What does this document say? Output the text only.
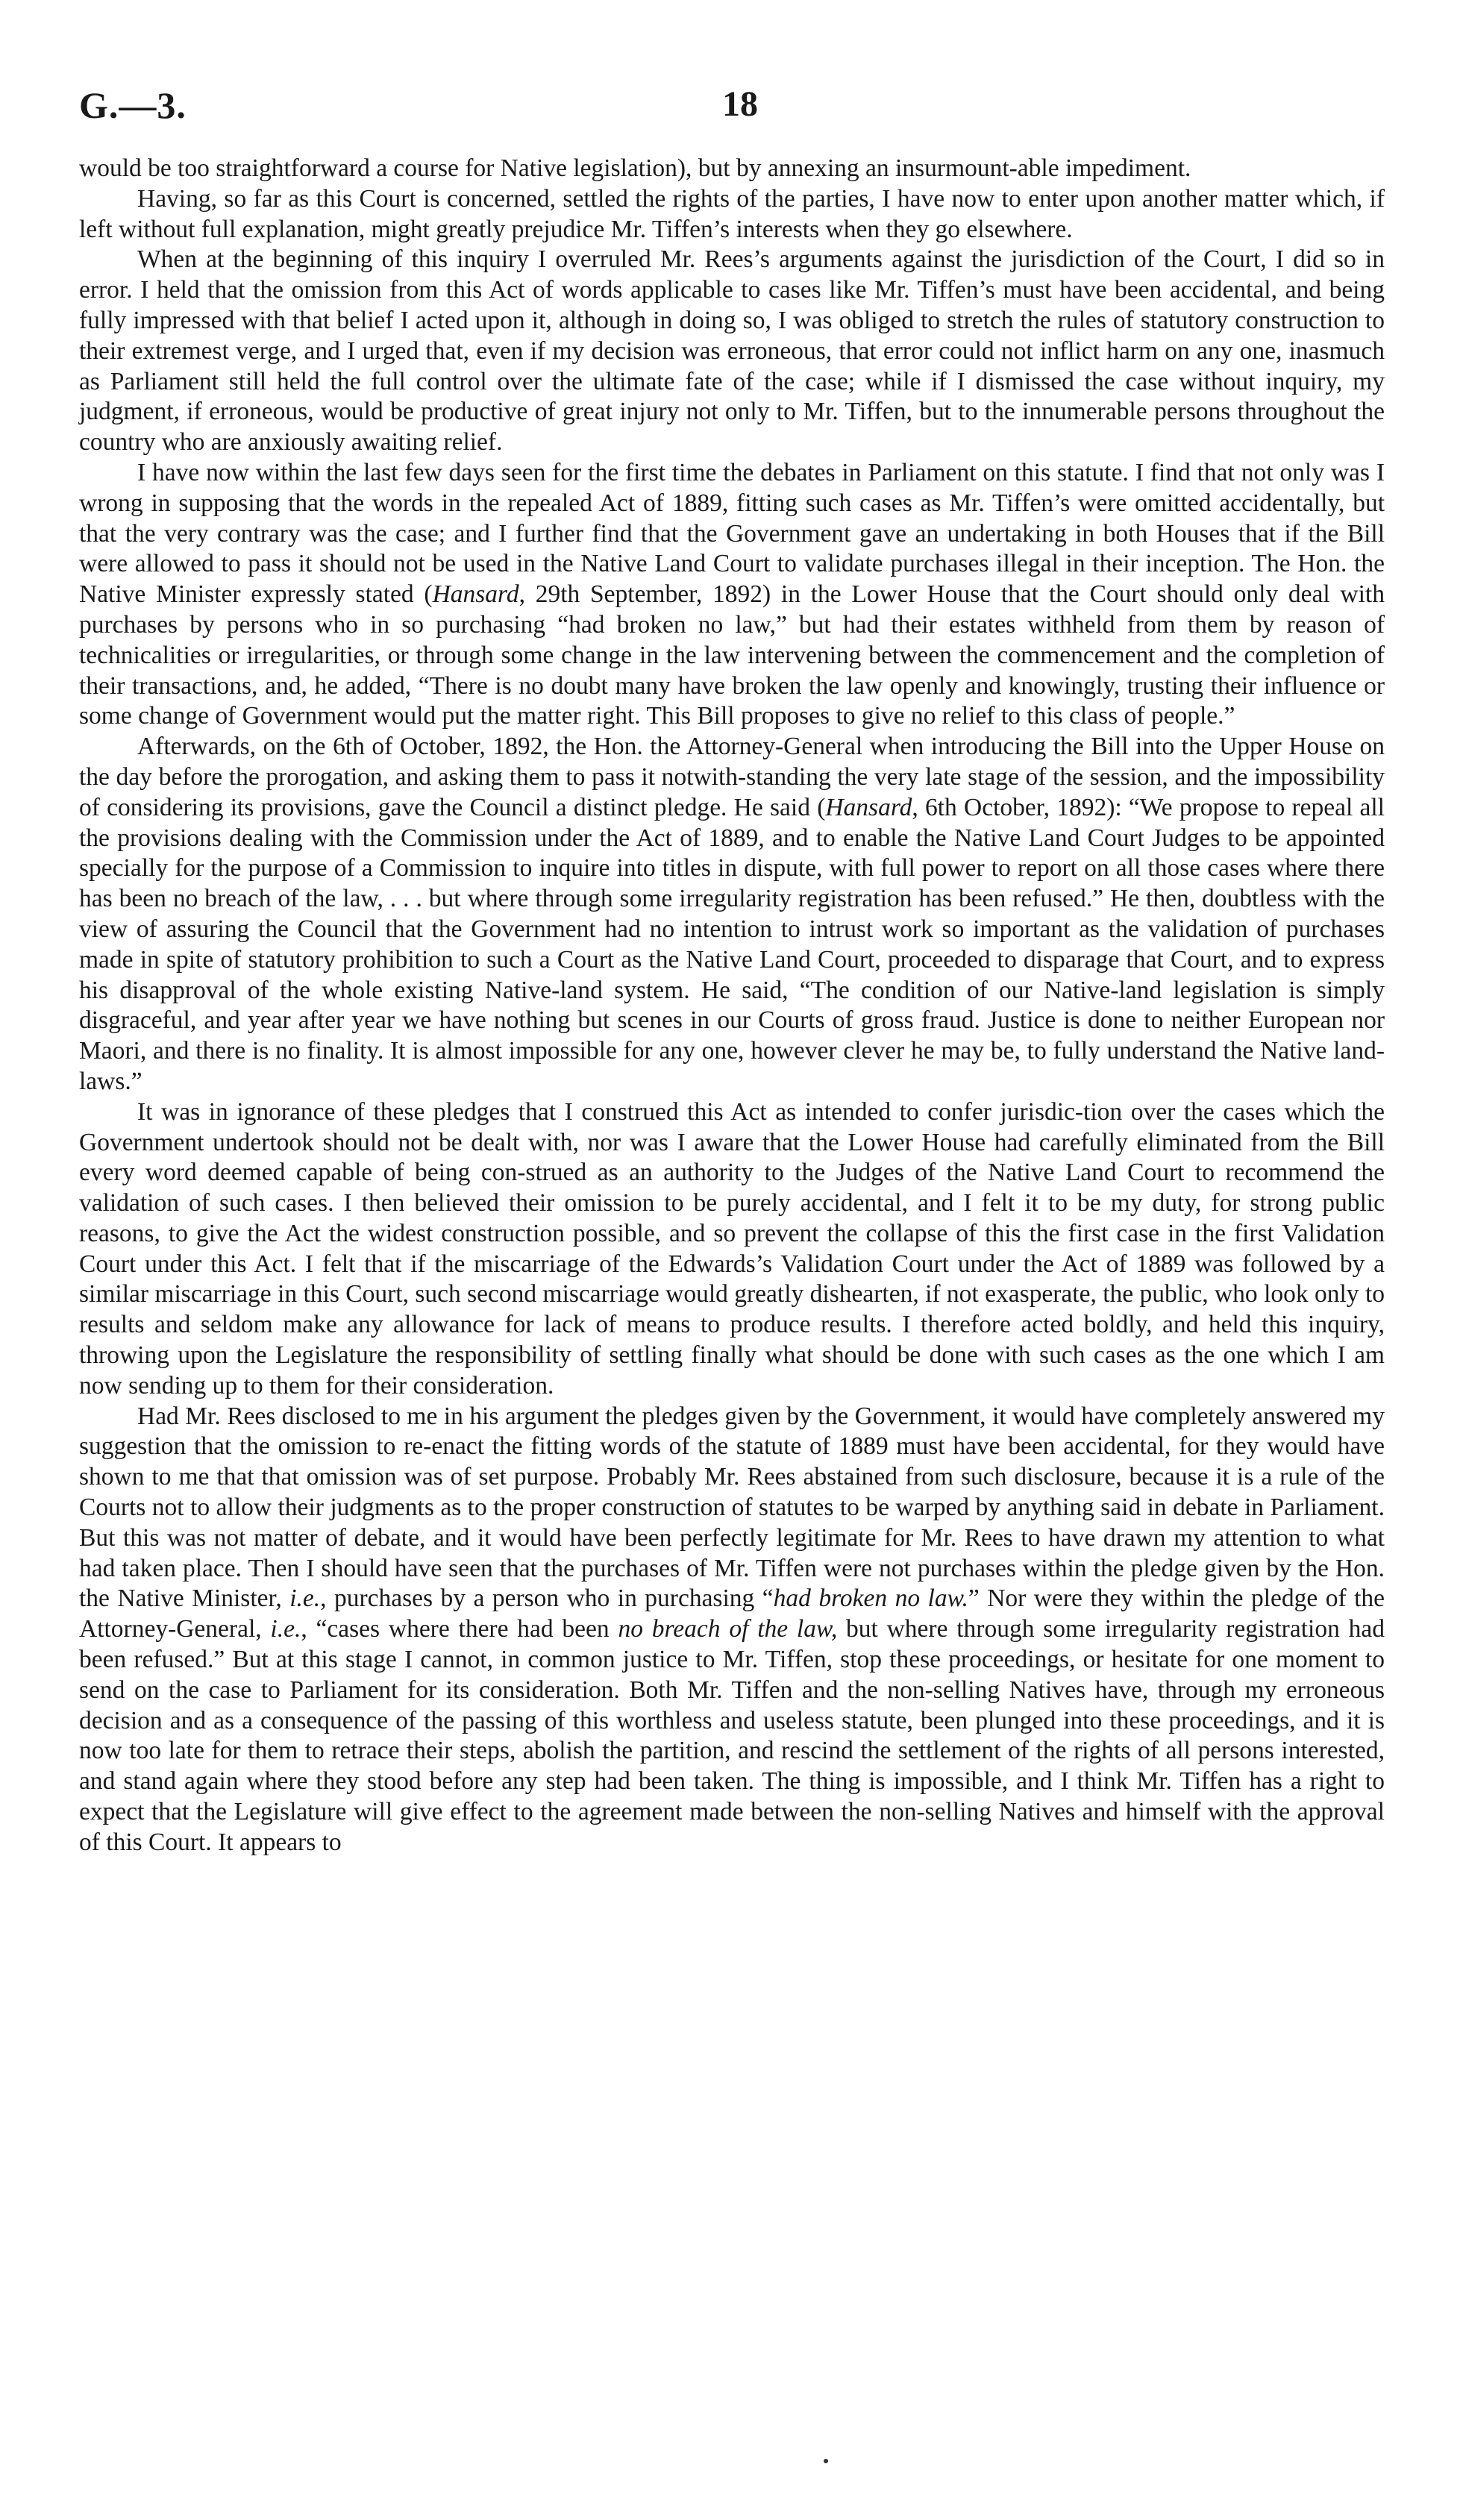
G.—3.	18

would be too straightforward a course for Native legislation), but by annexing an insurmount-able impediment.

Having, so far as this Court is concerned, settled the rights of the parties, I have now to enter upon another matter which, if left without full explanation, might greatly prejudice Mr. Tiffen’s interests when they go elsewhere.

When at the beginning of this inquiry I overruled Mr. Rees’s arguments against the jurisdiction of the Court, I did so in error. I held that the omission from this Act of words applicable to cases like Mr. Tiffen’s must have been accidental, and being fully impressed with that belief I acted upon it, although in doing so, I was obliged to stretch the rules of statutory construction to their extremest verge, and I urged that, even if my decision was erroneous, that error could not inflict harm on any one, inasmuch as Parliament still held the full control over the ultimate fate of the case; while if I dismissed the case without inquiry, my judgment, if erroneous, would be productive of great injury not only to Mr. Tiffen, but to the innumerable persons throughout the country who are anxiously awaiting relief.

I have now within the last few days seen for the first time the debates in Parliament on this statute. I find that not only was I wrong in supposing that the words in the repealed Act of 1889, fitting such cases as Mr. Tiffen’s were omitted accidentally, but that the very contrary was the case; and I further find that the Government gave an undertaking in both Houses that if the Bill were allowed to pass it should not be used in the Native Land Court to validate purchases illegal in their inception. The Hon. the Native Minister expressly stated (Hansard, 29th September, 1892) in the Lower House that the Court should only deal with purchases by persons who in so purchasing “had broken no law,” but had their estates withheld from them by reason of technicalities or irregularities, or through some change in the law intervening between the commencement and the completion of their transactions, and, he added, “There is no doubt many have broken the law openly and knowingly, trusting their influence or some change of Government would put the matter right. This Bill proposes to give no relief to this class of people.”

Afterwards, on the 6th of October, 1892, the Hon. the Attorney-General when introducing the Bill into the Upper House on the day before the prorogation, and asking them to pass it notwith-standing the very late stage of the session, and the impossibility of considering its provisions, gave the Council a distinct pledge. He said (Hansard, 6th October, 1892): “We propose to repeal all the provisions dealing with the Commission under the Act of 1889, and to enable the Native Land Court Judges to be appointed specially for the purpose of a Commission to inquire into titles in dispute, with full power to report on all those cases where there has been no breach of the law, . . . but where through some irregularity registration has been refused.” He then, doubtless with the view of assuring the Council that the Government had no intention to intrust work so important as the validation of purchases made in spite of statutory prohibition to such a Court as the Native Land Court, proceeded to disparage that Court, and to express his disapproval of the whole existing Native-land system. He said, “The condition of our Native-land legislation is simply disgraceful, and year after year we have nothing but scenes in our Courts of gross fraud. Justice is done to neither European nor Maori, and there is no finality. It is almost impossible for any one, however clever he may be, to fully understand the Native land-laws.”

It was in ignorance of these pledges that I construed this Act as intended to confer jurisdic-tion over the cases which the Government undertook should not be dealt with, nor was I aware that the Lower House had carefully eliminated from the Bill every word deemed capable of being con-strued as an authority to the Judges of the Native Land Court to recommend the validation of such cases. I then believed their omission to be purely accidental, and I felt it to be my duty, for strong public reasons, to give the Act the widest construction possible, and so prevent the collapse of this the first case in the first Validation Court under this Act. I felt that if the miscarriage of the Edwards’s Validation Court under the Act of 1889 was followed by a similar miscarriage in this Court, such second miscarriage would greatly dishearten, if not exasperate, the public, who look only to results and seldom make any allowance for lack of means to produce results. I therefore acted boldly, and held this inquiry, throwing upon the Legislature the responsibility of settling finally what should be done with such cases as the one which I am now sending up to them for their consideration.

Had Mr. Rees disclosed to me in his argument the pledges given by the Government, it would have completely answered my suggestion that the omission to re-enact the fitting words of the statute of 1889 must have been accidental, for they would have shown to me that that omission was of set purpose. Probably Mr. Rees abstained from such disclosure, because it is a rule of the Courts not to allow their judgments as to the proper construction of statutes to be warped by anything said in debate in Parliament. But this was not matter of debate, and it would have been perfectly legitimate for Mr. Rees to have drawn my attention to what had taken place. Then I should have seen that the purchases of Mr. Tiffen were not purchases within the pledge given by the Hon. the Native Minister, i.e., purchases by a person who in purchasing “had broken no law.” Nor were they within the pledge of the Attorney-General, i.e., “cases where there had been no breach of the law, but where through some irregularity registration had been refused.” But at this stage I cannot, in common justice to Mr. Tiffen, stop these proceedings, or hesitate for one moment to send on the case to Parliament for its consideration. Both Mr. Tiffen and the non-selling Natives have, through my erroneous decision and as a consequence of the passing of this worthless and useless statute, been plunged into these proceedings, and it is now too late for them to retrace their steps, abolish the partition, and rescind the settlement of the rights of all persons interested, and stand again where they stood before any step had been taken. The thing is impossible, and I think Mr. Tiffen has a right to expect that the Legislature will give effect to the agreement made between the non-selling Natives and himself with the approval of this Court. It appears to
